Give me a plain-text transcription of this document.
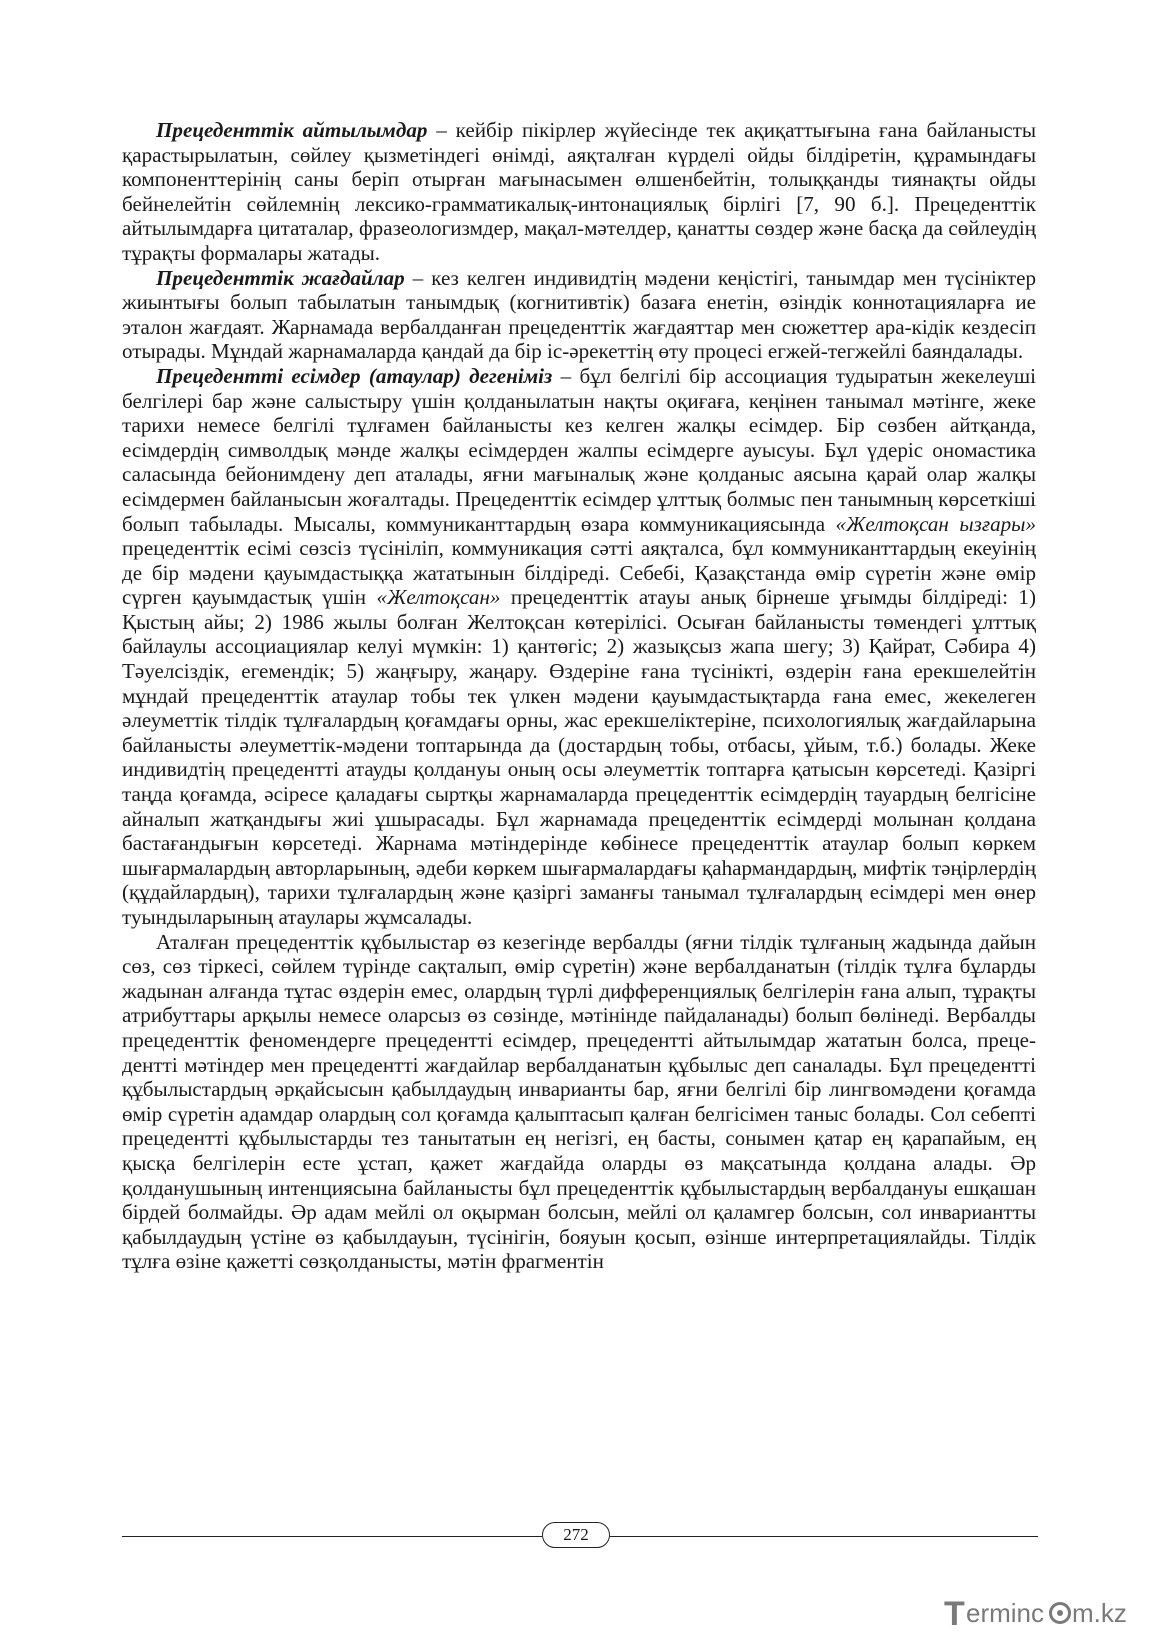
Прецеденттік айтылымдар – кейбір пікірлер жүйесінде тек ақиқаттығына ғана байланысты қарастырылатын, сөйлеу қызметіндегі өнімді, аяқталған күрделі ойды білдіретін, құрамындағы компоненттерінің саны беріп отырған мағынасымен өлшенбейтін, толыққанды тиянақты ойды бейнелейтін сөйлемнің лексико-грамматикалық-интонациялық бірлігі [7, 90 б.]. Прецеденттік айтылымдарға цитаталар, фразеологизмдер, мақал-мәтелдер, қанатты сөздер және басқа да сөйлеудің тұрақты формалары жатады.

Прецеденттік жағдайлар – кез келген индивидтің мәдени кеңістігі, танымдар мен түсініктер жиынтығы болып табылатын танымдық (когнитивтік) базаға енетін, өзіндік коннотацияларға ие эталон жағдаят. Жарнамада вербалданған прецеденттік жағдаяттар мен сюжеттер ара-кідік кездесіп отырады. Мұндай жарнамаларда қандай да бір іс-әрекеттің өту процесі егжей-тегжейлі баяндалады.

Прецедентті есімдер (атаулар) дегеніміз – бұл белгілі бір ассоциация тудыратын жекелеуші белгілері бар және салыстыру үшін қолданылатын нақты оқиғаға, кеңінен танымал мәтінге, жеке тарихи немесе белгілі тұлғамен байланысты кез келген жалқы есімдер. Бір сөзбен айтқанда, есімдердің символдық мәнде жалқы есімдерден жалпы есімдерге ауысуы. Бұл үдеріс ономастика саласында бейонимдену деп аталады, яғни мағыналық және қолданыс аясына қарай олар жалқы есімдермен байланысын жоғалтады. Прецеденттік есімдер ұлттық болмыс пен танымның көрсеткіші болып табылады. Мысалы, коммуниканттардың өзара коммуникациясында «Желтоқсан ызғары» прецеденттік есімі сөзсіз түсініліп, коммуникация сәтті аяқталса, бұл коммуниканттардың екеуінің де бір мәдени қауымдастыққа жататынын білдіреді. Себебі, Қазақстанда өмір сүретін және өмір сүрген қауымдастық үшін «Желтоқсан» прецеденттік атауы анық бірнеше ұғымды білдіреді: 1) Қыстың айы; 2) 1986 жылы болған Желтоқсан көтерілісі. Осыған байланысты төмендегі ұлттық байлаулы ассоциациялар келуі мүмкін: 1) қантөгіс; 2) жазықсыз жапа шегу; 3) Қайрат, Сәбира 4) Тәуелсіздік, егемендік; 5) жаңғыру, жаңару. Өздеріне ғана түсінікті, өздерін ғана ерекшелейтін мұндай прецеденттік атаулар тобы тек үлкен мәдени қауымдастықтарда ғана емес, жекелеген әлеуметтік тілдік тұлғалардың қоғамдағы орны, жас ерекшеліктеріне, психологиялық жағдайларына байланысты әлеуметтік-мәдени топтарында да (достардың тобы, отбасы, ұйым, т.б.) болады. Жеке индивидтің прецедентті атауды қолдануы оның осы әлеуметтік топтарға қатысын көрсетеді. Қазіргі таңда қоғамда, әсіресе қаладағы сыртқы жарнамаларда прецеденттік есімдердің тауардың белгісіне айналып жатқандығы жиі ұшырасады. Бұл жарнамада прецеденттік есімдерді молынан қолдана бастағандығын көрсетеді. Жарнама мәтіндерінде көбінесе прецеденттік атаулар болып көркем шығармалардың авторларының, әдеби көркем шығармалардағы қаһармандардың, мифтік тәңірлердің (құдайлардың), тарихи тұлғалардың және қазіргі заманғы танымал тұлғалардың есімдері мен өнер туындыларының атаулары жұмсалады.

Аталған прецеденттік құбылыстар өз кезегінде вербалды (яғни тілдік тұлғаның жадында дайын сөз, сөз тіркесі, сөйлем түрінде сақталып, өмір сүретін) және вербалданатын (тілдік тұлға бұларды жадынан алғанда тұтас өздерін емес, олардың түрлі дифференциялық белгілерін ғана алып, тұрақты атрибуттары арқылы немесе оларсыз өз сөзінде, мәтінінде пайдаланады) болып бөлінеді. Вербалды прецеденттік феномендерге прецедентті есімдер, прецедентті айтылымдар жататын болса, прецедентті мәтіндер мен прецедентті жағдайлар вербалданатын құбылыс деп саналады. Бұл прецедентті құбылыстардың әрқайсысын қабылдаудың инварианты бар, яғни белгілі бір лингвомәдени қоғамда өмір сүретін адамдар олардың сол қоғамда қалыптасып қалған белгісімен таныс болады. Сол себепті прецедентті құбылыстарды тез танытатын ең негізгі, ең басты, сонымен қатар ең қарапайым, ең қысқа белгілерін есте ұстап, қажет жағдайда оларды өз мақсатында қолдана алады. Әр қолданушының интенциясына байланысты бұл прецеденттік құбылыстардың вербалдануы ешқашан бірдей болмайды. Әр адам мейлі ол оқырман болсын, мейлі ол қаламгер болсын, сол инвариантты қабылдаудың үстіне өз қабылдауын, түсінігін, бояуын қосып, өзінше интерпретациялайды. Тілдік тұлға өзіне қажетті сөзқолданысты, мәтін фрагментін

272
T erminc m.kz
